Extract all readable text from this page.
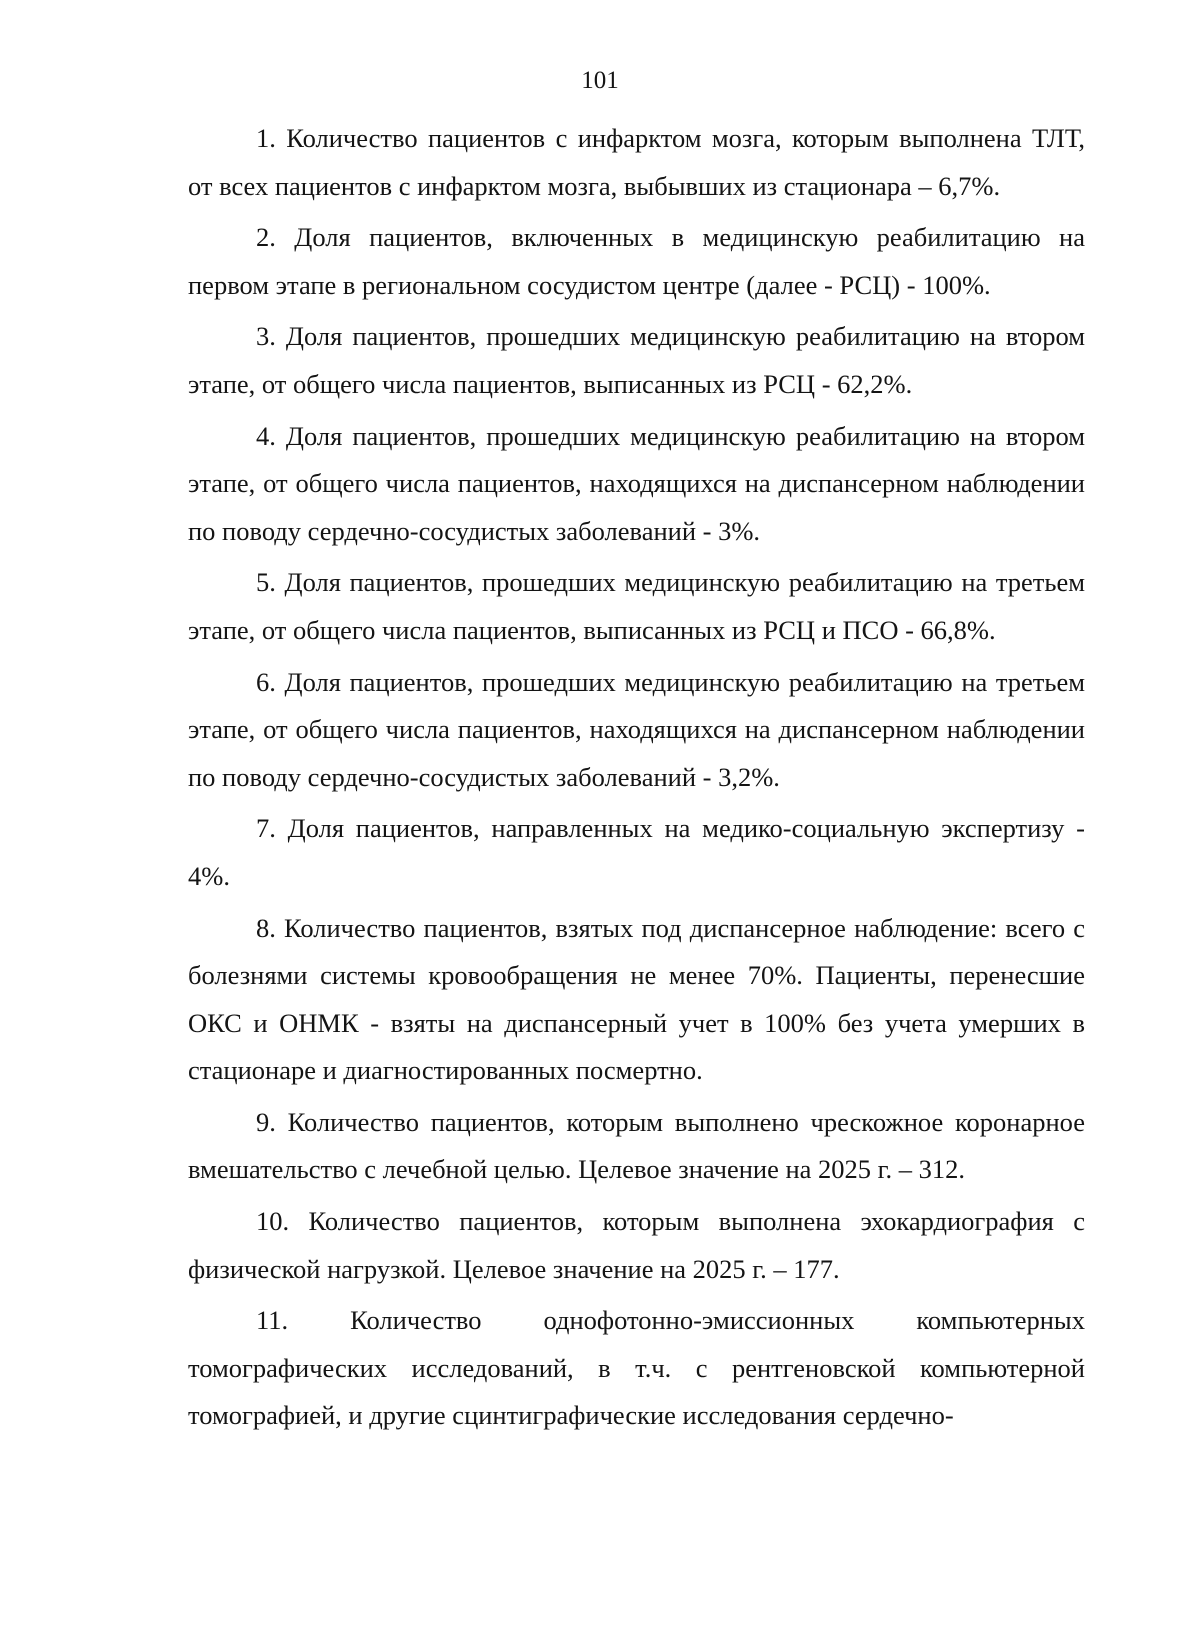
101

1. Количество пациентов с инфарктом мозга, которым выполнена ТЛТ, от всех пациентов с инфарктом мозга, выбывших из стационара – 6,7%.

2. Доля пациентов, включенных в медицинскую реабилитацию на первом этапе в региональном сосудистом центре (далее - РСЦ) - 100%.

3. Доля пациентов, прошедших медицинскую реабилитацию на втором этапе, от общего числа пациентов, выписанных из РСЦ - 62,2%.

4. Доля пациентов, прошедших медицинскую реабилитацию на втором этапе, от общего числа пациентов, находящихся на диспансерном наблюдении по поводу сердечно-сосудистых заболеваний - 3%.

5. Доля пациентов, прошедших медицинскую реабилитацию на третьем этапе, от общего числа пациентов, выписанных из РСЦ и ПСО - 66,8%.

6. Доля пациентов, прошедших медицинскую реабилитацию на третьем этапе, от общего числа пациентов, находящихся на диспансерном наблюдении по поводу сердечно-сосудистых заболеваний - 3,2%.

7. Доля пациентов, направленных на медико-социальную экспертизу - 4%.

8. Количество пациентов, взятых под диспансерное наблюдение: всего с болезнями системы кровообращения не менее 70%. Пациенты, перенесшие ОКС и ОНМК - взяты на диспансерный учет в 100% без учета умерших в стационаре и диагностированных посмертно.

9. Количество пациентов, которым выполнено чрескожное коронарное вмешательство с лечебной целью. Целевое значение на 2025 г. – 312.

10. Количество пациентов, которым выполнена эхокардиография с физической нагрузкой. Целевое значение на 2025 г. – 177.

11. Количество однофотонно-эмиссионных компьютерных томографических исследований, в т.ч. с рентгеновской компьютерной томографией, и другие сцинтиграфические исследования сердечно-
